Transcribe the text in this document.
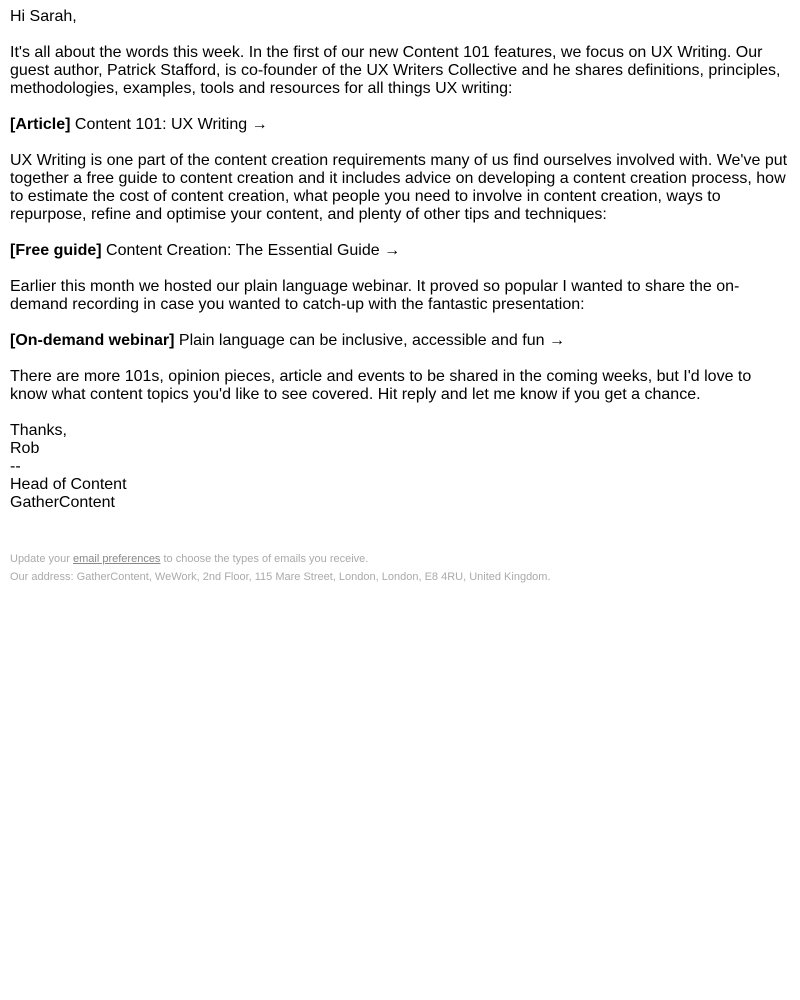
Hi Sarah,

It's all about the words this week. In the first of our new Content 101 features, we focus on UX Writing. Our guest author, Patrick Stafford, is co-founder of the UX Writers Collective and he shares definitions, principles, methodologies, examples, tools and resources for all things UX writing:

[Article] Content 101: UX Writing →

UX Writing is one part of the content creation requirements many of us find ourselves involved with. We've put together a free guide to content creation and it includes advice on developing a content creation process, how to estimate the cost of content creation, what people you need to involve in content creation, ways to repurpose, refine and optimise your content, and plenty of other tips and techniques:

[Free guide] Content Creation: The Essential Guide →

Earlier this month we hosted our plain language webinar. It proved so popular I wanted to share the on-demand recording in case you wanted to catch-up with the fantastic presentation:

[On-demand webinar] Plain language can be inclusive, accessible and fun →

There are more 101s, opinion pieces, article and events to be shared in the coming weeks, but I'd love to know what content topics you'd like to see covered. Hit reply and let me know if you get a chance.

Thanks,
Rob
--
Head of Content
GatherContent
Update your email preferences to choose the types of emails you receive.
Our address: GatherContent, WeWork, 2nd Floor, 115 Mare Street, London, London, E8 4RU, United Kingdom.
